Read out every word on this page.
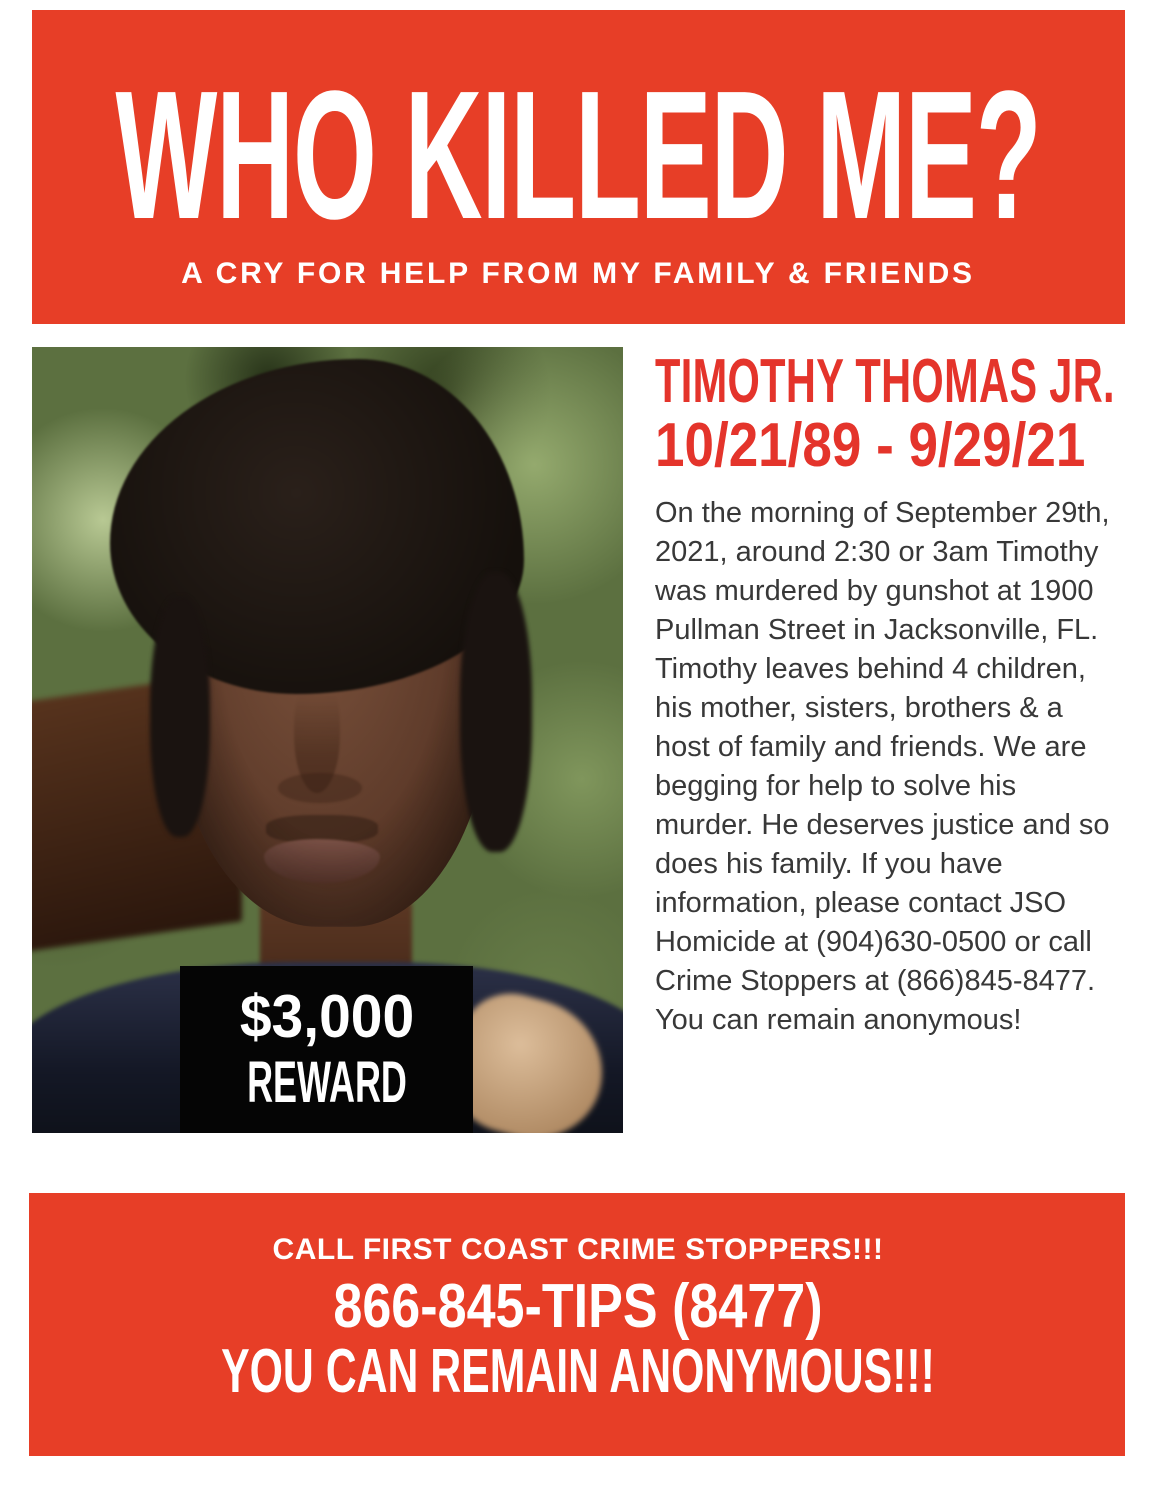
WHO KILLED ME?
A CRY FOR HELP FROM MY FAMILY & FRIENDS
$3,000
REWARD
TIMOTHY THOMAS JR.
10/21/89 - 9/29/21
On the morning of September 29th, 2021, around 2:30 or 3am Timothy was murdered by gunshot at 1900 Pullman Street in Jacksonville, FL. Timothy leaves behind 4 children, his mother, sisters, brothers & a host of family and friends. We are begging for help to solve his murder. He deserves justice and so does his family. If you have information, please contact JSO Homicide at (904)630-0500 or call Crime Stoppers at (866)845-8477. You can remain anonymous!
CALL FIRST COAST CRIME STOPPERS!!!
866-845-TIPS (8477)
YOU CAN REMAIN ANONYMOUS!!!
